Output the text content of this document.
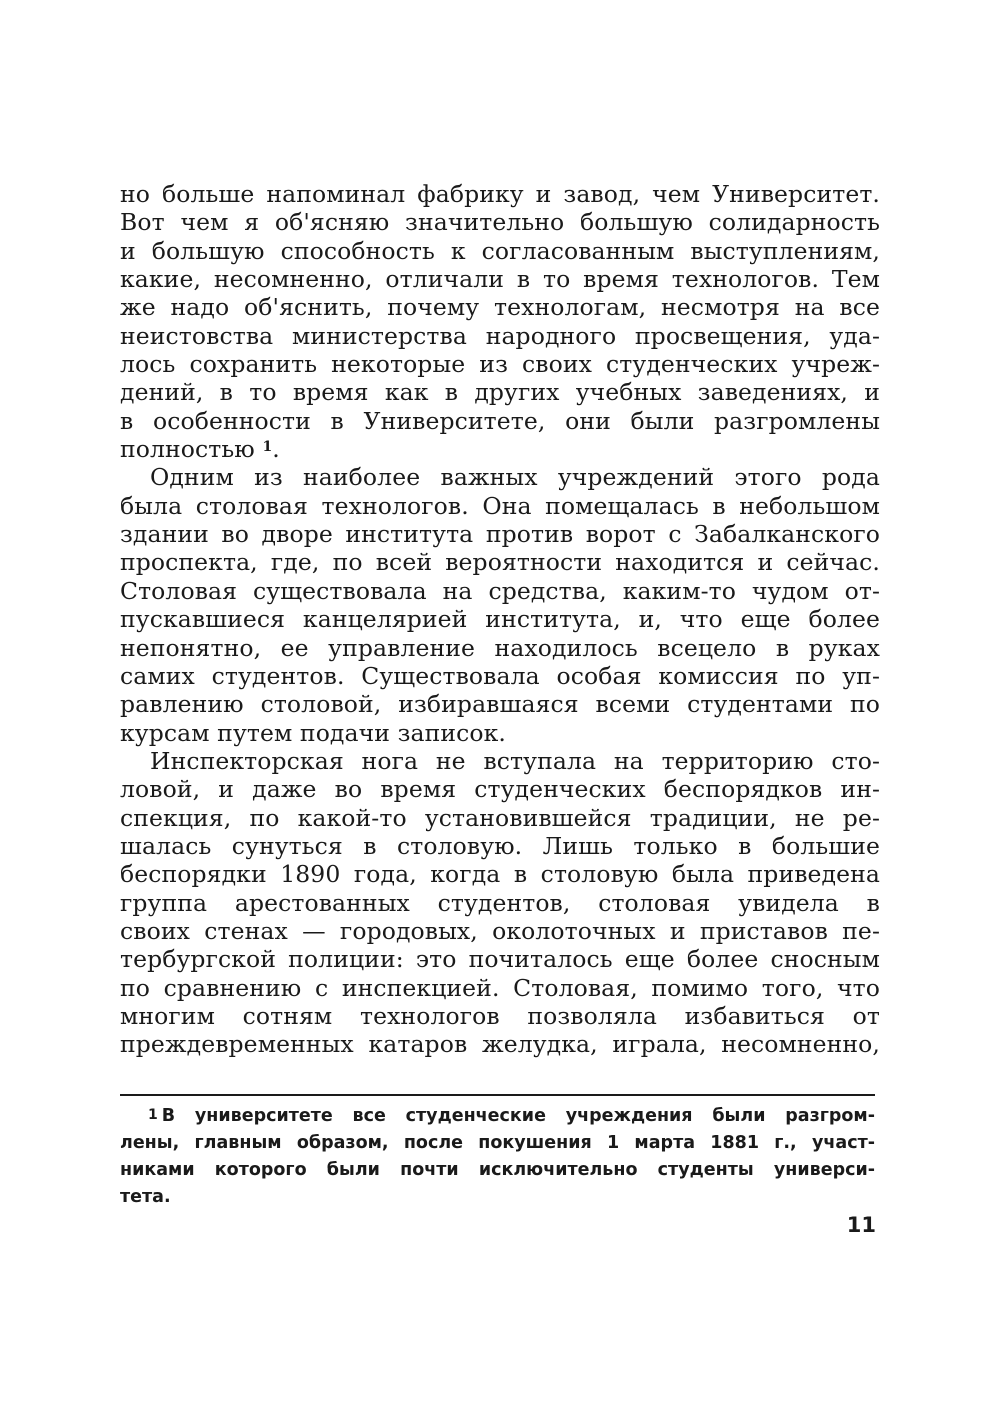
но больше напоминал фабрику и завод, чем Университет.

Вот чем я об'ясняю значительно большую солидарность

и большую способность к согласованным выступлениям,

какие, несомненно, отличали в то время технологов. Тем

же надо об'яснить, почему технологам, несмотря на все

неистовства министерства народного просвещения, уда-

лось сохранить некоторые из своих студенческих учреж-

дений, в то время как в других учебных заведениях, и

в особенности в Университете, они были разгромлены

полностью $^1$.

Одним из наиболее важных учреждений этого рода

была столовая технологов. Она помещалась в небольшом

здании во дворе института против ворот с Забалканского

проспекта, где, по всей вероятности находится и сейчас.

Столовая существовала на средства, каким-то чудом от-

пускавшиеся канцелярией института, и, что еще более

непонятно, ее управление находилось всецело в руках

самих студентов. Существовала особая комиссия по уп-

равлению столовой, избиравшаяся всеми студентами по

курсам путем подачи записок.

Инспекторская нога не вступала на территорию сто-

ловой, и даже во время студенческих беспорядков ин-

спекция, по какой-то установившейся традиции, не ре-

шалась сунуться в столовую. Лишь только в большие

беспорядки 1890 года, когда в столовую была приведена

группа арестованных студентов, столовая увидела в

своих стенах — городовых, околоточных и приставов пе-

тербургской полиции: это почиталось еще более сносным

по сравнению с инспекцией. Столовая, помимо того, что

многим сотням технологов позволяла избавиться от

преждевременных катаров желудка, играла, несомненно,

$^1$ В университете все студенческие учреждения были разгром-

лены, главным образом, после покушения 1 марта 1881 г., участ-

никами которого были почти исключительно студенты универси-

тета.

11
